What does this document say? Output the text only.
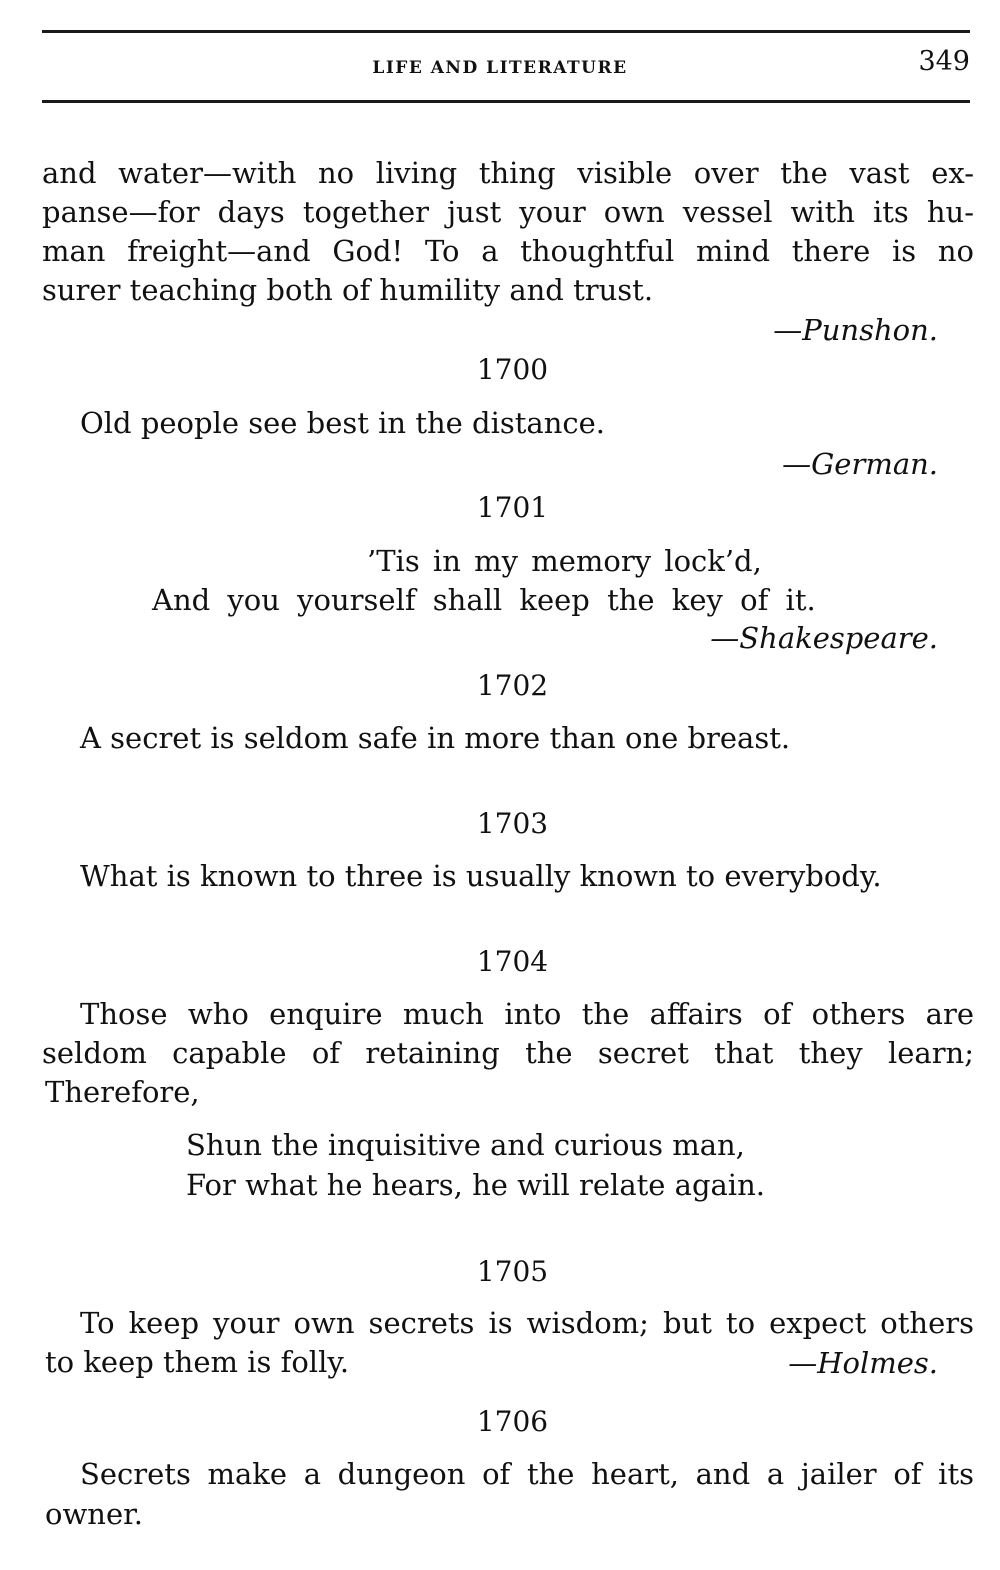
LIFE AND LITERATURE	349
and water—with no living thing visible over the vast ex-
panse—for days together just your own vessel with its hu-
man freight—and God! To a thoughtful mind there is no
surer teaching both of humility and trust.
—Punshon.
1700
Old people see best in the distance.
—German.
1701
’Tis in my memory lock’d,
And you yourself shall keep the key of it.
—Shakespeare.
1702
A secret is seldom safe in more than one breast.
1703
What is known to three is usually known to everybody.
1704
Those who enquire much into the affairs of others are
seldom capable of retaining the secret that they learn;
Therefore,
Shun the inquisitive and curious man,
For what he hears, he will relate again.
1705
To keep your own secrets is wisdom; but to expect others
to keep them is folly.	—Holmes.
1706
Secrets make a dungeon of the heart, and a jailer of its
owner.
